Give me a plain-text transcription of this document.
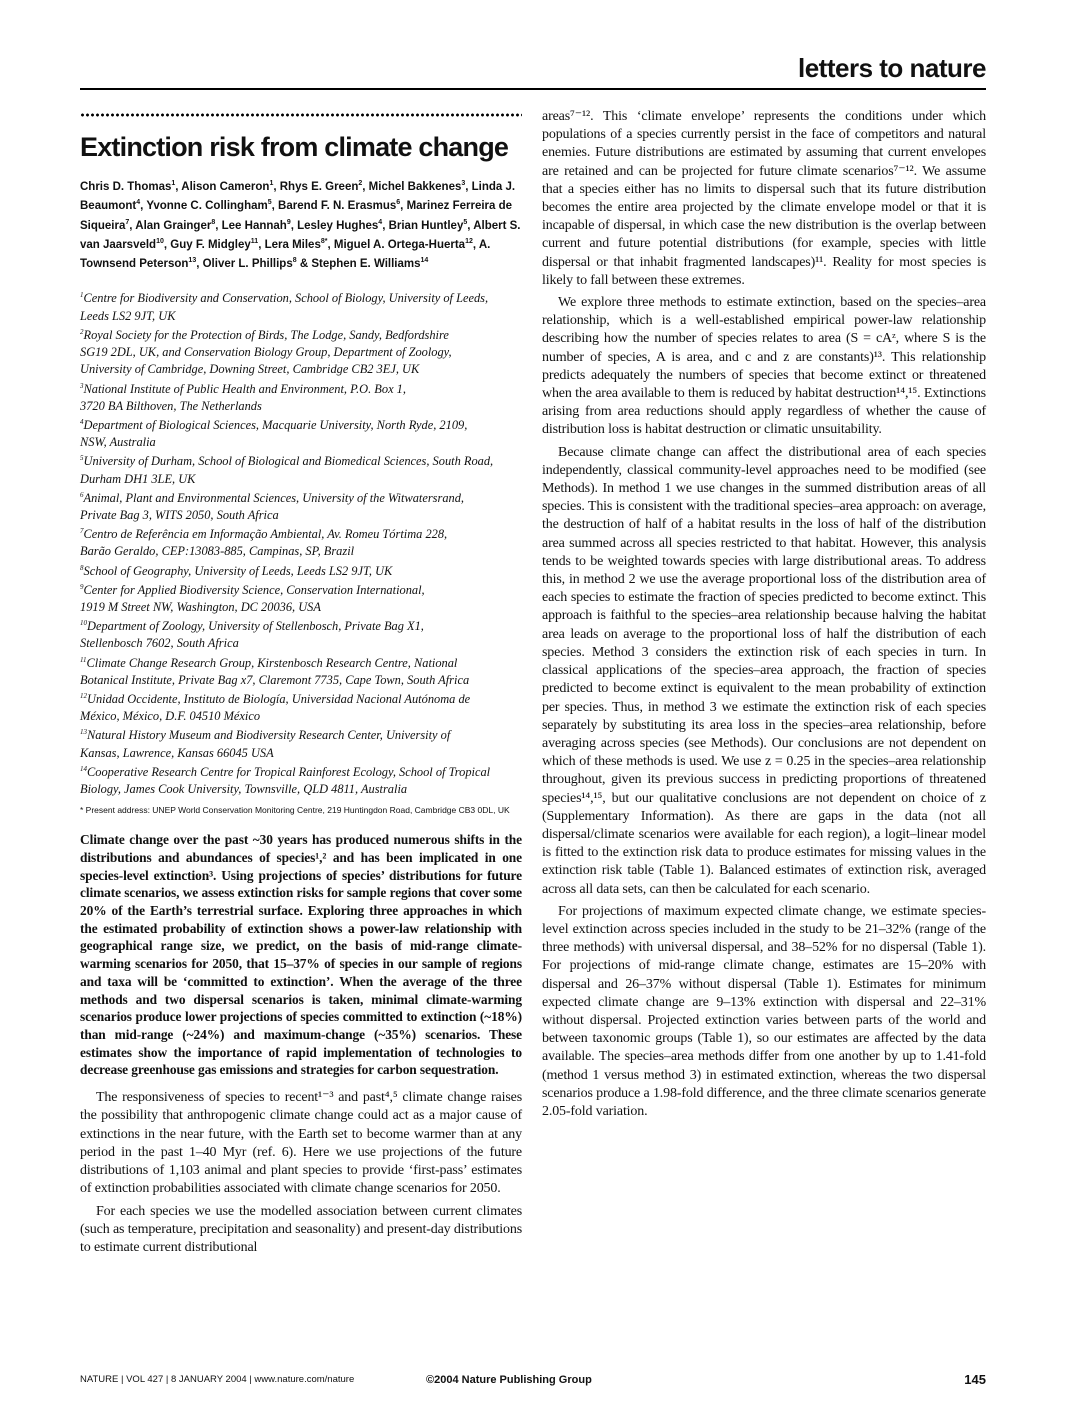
letters to nature
Extinction risk from climate change
Chris D. Thomas$^1$, Alison Cameron$^1$, Rhys E. Green$^2$, Michel Bakkenes$^3$, Linda J. Beaumont$^4$, Yvonne C. Collingham$^5$, Barend F. N. Erasmus$^6$, Marinez Ferreira de Siqueira$^7$, Alan Grainger$^8$, Lee Hannah$^9$, Lesley Hughes$^4$, Brian Huntley$^5$, Albert S. van Jaarsveld$^{10}$, Guy F. Midgley$^{11}$, Lera Miles$^{8*}$, Miguel A. Ortega-Huerta$^{12}$, A. Townsend Peterson$^{13}$, Oliver L. Phillips$^8$ & Stephen E. Williams$^{14}$
$^1$Centre for Biodiversity and Conservation, School of Biology, University of Leeds,
Leeds LS2 9JT, UK
$^2$Royal Society for the Protection of Birds, The Lodge, Sandy, Bedfordshire
SG19 2DL, UK, and Conservation Biology Group, Department of Zoology,
University of Cambridge, Downing Street, Cambridge CB2 3EJ, UK
$^3$National Institute of Public Health and Environment, P.O. Box 1,
3720 BA Bilthoven, The Netherlands
$^4$Department of Biological Sciences, Macquarie University, North Ryde, 2109,
NSW, Australia
$^5$University of Durham, School of Biological and Biomedical Sciences, South Road,
Durham DH1 3LE, UK
$^6$Animal, Plant and Environmental Sciences, University of the Witwatersrand,
Private Bag 3, WITS 2050, South Africa
$^7$Centro de Referência em Informação Ambiental, Av. Romeu Tórtima 228,
Barão Geraldo, CEP:13083-885, Campinas, SP, Brazil
$^8$School of Geography, University of Leeds, Leeds LS2 9JT, UK
$^9$Center for Applied Biodiversity Science, Conservation International,
1919 M Street NW, Washington, DC 20036, USA
$^{10}$Department of Zoology, University of Stellenbosch, Private Bag X1,
Stellenbosch 7602, South Africa
$^{11}$Climate Change Research Group, Kirstenbosch Research Centre, National
Botanical Institute, Private Bag x7, Claremont 7735, Cape Town, South Africa
$^{12}$Unidad Occidente, Instituto de Biología, Universidad Nacional Autónoma de
México, México, D.F. 04510 México
$^{13}$Natural History Museum and Biodiversity Research Center, University of
Kansas, Lawrence, Kansas 66045 USA
$^{14}$Cooperative Research Centre for Tropical Rainforest Ecology, School of Tropical
Biology, James Cook University, Townsville, QLD 4811, Australia
* Present address: UNEP World Conservation Monitoring Centre, 219 Huntingdon Road, Cambridge CB3 0DL, UK
Climate change over the past ~30 years has produced numerous shifts in the distributions and abundances of species¹,² and has been implicated in one species-level extinction³. Using projections of species’ distributions for future climate scenarios, we assess extinction risks for sample regions that cover some 20% of the Earth’s terrestrial surface. Exploring three approaches in which the estimated probability of extinction shows a power-law relationship with geographical range size, we predict, on the basis of mid-range climate-warming scenarios for 2050, that 15–37% of species in our sample of regions and taxa will be ‘committed to extinction’. When the average of the three methods and two dispersal scenarios is taken, minimal climate-warming scenarios produce lower projections of species committed to extinction (~18%) than mid-range (~24%) and maximum-change (~35%) scenarios. These estimates show the importance of rapid implementation of technologies to decrease greenhouse gas emissions and strategies for carbon sequestration.

The responsiveness of species to recent¹⁻³ and past⁴,⁵ climate change raises the possibility that anthropogenic climate change could act as a major cause of extinctions in the near future, with the Earth set to become warmer than at any period in the past 1–40 Myr (ref. 6). Here we use projections of the future distributions of 1,103 animal and plant species to provide ‘first-pass’ estimates of extinction probabilities associated with climate change scenarios for 2050.

For each species we use the modelled association between current climates (such as temperature, precipitation and seasonality) and present-day distributions to estimate current distributional

areas⁷⁻¹². This ‘climate envelope’ represents the conditions under which populations of a species currently persist in the face of competitors and natural enemies. Future distributions are estimated by assuming that current envelopes are retained and can be projected for future climate scenarios⁷⁻¹². We assume that a species either has no limits to dispersal such that its future distribution becomes the entire area projected by the climate envelope model or that it is incapable of dispersal, in which case the new distribution is the overlap between current and future potential distributions (for example, species with little dispersal or that inhabit fragmented landscapes)¹¹. Reality for most species is likely to fall between these extremes.

We explore three methods to estimate extinction, based on the species–area relationship, which is a well-established empirical power-law relationship describing how the number of species relates to area (S = cAᶻ, where S is the number of species, A is area, and c and z are constants)¹³. This relationship predicts adequately the numbers of species that become extinct or threatened when the area available to them is reduced by habitat destruction¹⁴,¹⁵. Extinctions arising from area reductions should apply regardless of whether the cause of distribution loss is habitat destruction or climatic unsuitability.

Because climate change can affect the distributional area of each species independently, classical community-level approaches need to be modified (see Methods). In method 1 we use changes in the summed distribution areas of all species. This is consistent with the traditional species–area approach: on average, the destruction of half of a habitat results in the loss of half of the distribution area summed across all species restricted to that habitat. However, this analysis tends to be weighted towards species with large distributional areas. To address this, in method 2 we use the average proportional loss of the distribution area of each species to estimate the fraction of species predicted to become extinct. This approach is faithful to the species–area relationship because halving the habitat area leads on average to the proportional loss of half the distribution of each species. Method 3 considers the extinction risk of each species in turn. In classical applications of the species–area approach, the fraction of species predicted to become extinct is equivalent to the mean probability of extinction per species. Thus, in method 3 we estimate the extinction risk of each species separately by substituting its area loss in the species–area relationship, before averaging across species (see Methods). Our conclusions are not dependent on which of these methods is used. We use z = 0.25 in the species–area relationship throughout, given its previous success in predicting proportions of threatened species¹⁴,¹⁵, but our qualitative conclusions are not dependent on choice of z (Supplementary Information). As there are gaps in the data (not all dispersal/climate scenarios were available for each region), a logit–linear model is fitted to the extinction risk data to produce estimates for missing values in the extinction risk table (Table 1). Balanced estimates of extinction risk, averaged across all data sets, can then be calculated for each scenario.

For projections of maximum expected climate change, we estimate species-level extinction across species included in the study to be 21–32% (range of the three methods) with universal dispersal, and 38–52% for no dispersal (Table 1). For projections of mid-range climate change, estimates are 15–20% with dispersal and 26–37% without dispersal (Table 1). Estimates for minimum expected climate change are 9–13% extinction with dispersal and 22–31% without dispersal. Projected extinction varies between parts of the world and between taxonomic groups (Table 1), so our estimates are affected by the data available. The species–area methods differ from one another by up to 1.41-fold (method 1 versus method 3) in estimated extinction, whereas the two dispersal scenarios produce a 1.98-fold difference, and the three climate scenarios generate 2.05-fold variation.

NATURE | VOL 427 | 8 JANUARY 2004 | www.nature.com/nature	©2004 Nature Publishing Group	145
